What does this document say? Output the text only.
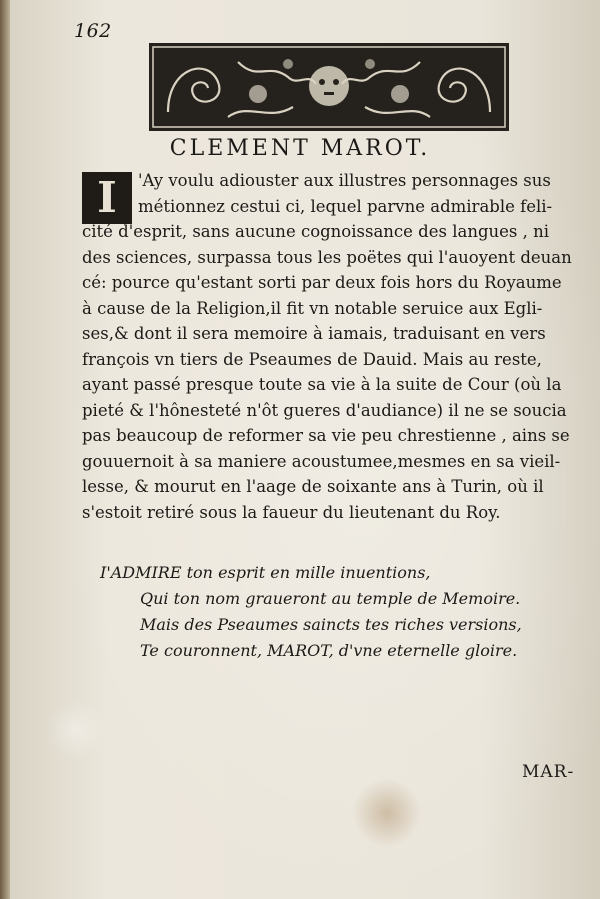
162
CLEMENT MAROT.
I	'Ay voulu adiouster aux illustres personnages sus
métionnez cestui ci, lequel parvne admirable feli-
cité d'esprit, sans aucune cognoissance des langues , ni
des sciences, surpassa tous les poëtes qui l'auoyent deuan
cé: pource qu'estant sorti par deux fois hors du Royaume
à cause de la Religion,il fit vn notable seruice aux Egli-
ses,& dont il sera memoire à iamais, traduisant en vers
françois vn tiers de Pseaumes de Dauid. Mais au reste,
ayant passé presque toute sa vie à la suite de Cour (où la
pieté & l'hônesteté n'ôt gueres d'audiance) il ne se soucia
pas beaucoup de reformer sa vie peu chrestienne , ains se
gouuernoit à sa maniere acoustumee,mesmes en sa vieil-
lesse, & mourut en l'aage de soixante ans à Turin, où il
s'estoit retiré sous la faueur du lieutenant du Roy.
I'ADMIRE ton esprit en mille inuentions,
Qui ton nom graueront au temple de Memoire.
Mais des Pseaumes saincts tes riches versions,
Te couronnent, MAROT, d'vne eternelle gloire.
MAR-
